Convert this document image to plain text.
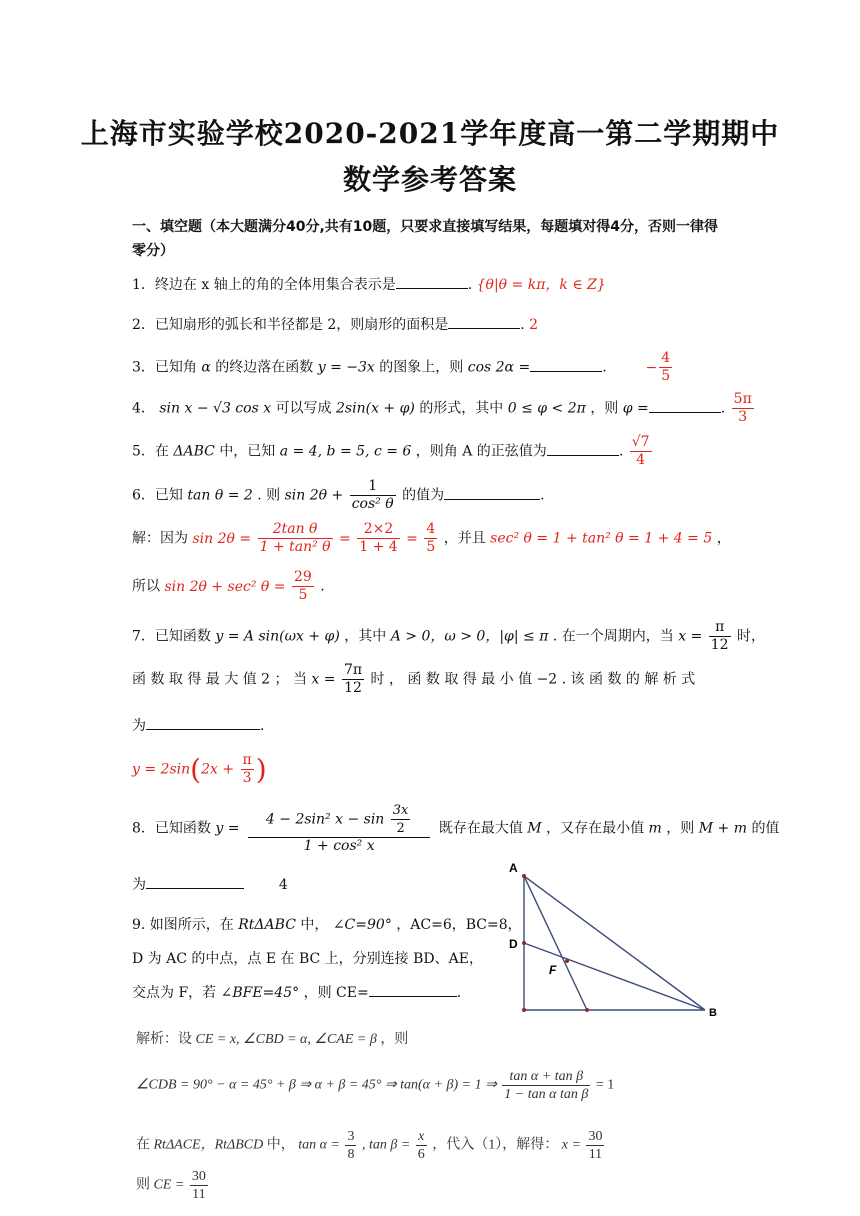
上海市实验学校2020-2021学年度高一第二学期期中
数学参考答案
一、填空题（本大题满分40分,共有10题，只要求直接填写结果，每题填对得4分，否则一律得零分）
1．终边在 x 轴上的角的全体用集合表示是	. {θ|θ = kπ，k ∈ Z}
2．已知扇形的弧长和半径都是 2，则扇形的面积是	. 2
3．已知角 α 的终边落在函数 y = −3x 的图象上，则 cos 2α =	.  − $\frac{4}{5}$
4． sin x − √3 cos x 可以写成 2sin(x + φ) 的形式，其中 0 ≤ φ < 2π ，则 φ =	. $\frac{5\pi}{3}$
5．在 ΔABC 中，已知 a = 4, b = 5, c = 6 ，则角 A 的正弦值为	. $\frac{√7}{4}$
6．已知 tan θ = 2 . 则 $\sin 2\theta + \frac{1}{\text{cos² θ}}$ 的值为	.
解：因为 $\sin 2\theta = \frac{\text{2tan θ}}{\text{1 + tan² θ}} = \frac{2\times 2}{1 + 4} = \frac{4}{5}$ ，并且 sec² θ = 1 + tan² θ = 1 + 4 = 5 ，
所以 sin 2θ + sec² $\theta = \frac{29}{5}$ .
7．已知函数 y = A sin(ωx + φ) ，其中 A > 0，ω > 0，|φ| ≤ π . 在一个周期内，当 $x = \frac{\pi}{12}$ 时，
函 数 取 得 最 大 值 2 ； 当 $x = \frac{7\pi}{12}$ 时 ， 函 数 取 得 最 小 值 −2 . 该 函 数 的 解 析 式
为	.
$y = 2\sin(2x + \frac{\pi}{3}$ )
8．已知函数 $y = \frac{4 - 2\sin^2 x - \sin \frac{3x}{2}}{\text{1 + cos² x}}$ 既存在最大值 M ，又存在最小值 m ，则 M + m 的值
为	4
9. 如图所示，在 RtΔABC 中， ∠C=90° ，AC=6，BC=8，
D 为 AC 的中点，点 E 在 BC 上，分别连接 BD、AE，
交点为 F，若 ∠BFE=45° ，则 CE=	.
A
D
F
B
解析：设 CE = x, ∠CBD = α, ∠CAE = β ，则
∠CDB = 90° − α = 45° + β ⇒ α + β = 45° ⇒ tan(α + β) = 1 ⇒ $\frac{\text{tan α + tan β}}{\text{1 − tan α tan β}} = 1$
在 RtΔACE，RtΔBCD 中， $\tan \alpha = \frac{3}{8}$ , $\tan \beta = \frac{x}{6}$ ，代入（1），解得： $x = \frac{30}{11}$
则 CE = $\frac{30}{11}$
